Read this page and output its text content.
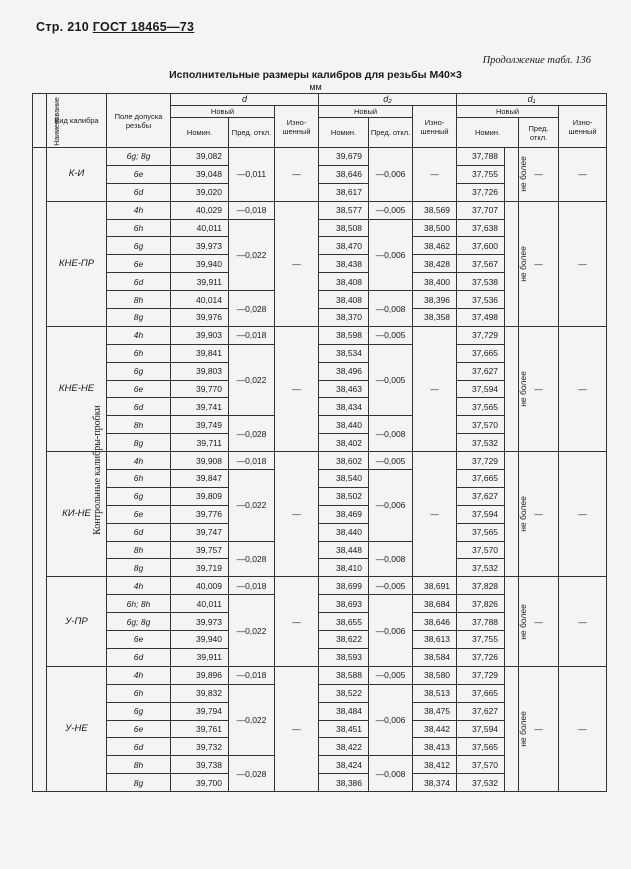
Стр. 210 ГОСТ 18465—73
Продолжение табл. 136
Исполнительные размеры калибров для резьбы М40×3
мм
Наименование	Вид калибра	Поле допуска резьбы	d			d₂			d₁			
			Новый		Изно-шенный	Новый		Изно-шенный	Новый			Изно-шенный
			Номин.	Пред. откл.		Номин.	Пред. откл.		Номин.		Пред. откл.	
Контрольные калибры-пробки	К-И	6g; 8g	39,082	—0,011	—	39,679	—0,006	—	37,788	не более	—	—
		6e	39,048			38,646			37,755			
		6d	39,020			38,617			37,726			
	КНЕ-ПР	4h	40,029	—0,018	—	38,577	—0,005	38,569	37,707	не более	—	—
		6h	40,011	—0,022		38,508	—0,006	38,500	37,638			
		6g	39,973			38,470		38,462	37,600			
		6e	39,940			38,438		38,428	37,567			
		6d	39,911			38,408		38,400	37,538			
		8h	40,014	—0,028		38,408	—0,008	38,396	37,536			
		8g	39,976			38,370		38,358	37,498			
	КНЕ-НЕ	4h	39,903	—0,018	—	38,598	—0,005	—	37,729	не более	—	—
		6h	39,841	—0,022		38,534	—0,005		37,665			
		6g	39,803			38,496			37,627			
		6e	39,770			38,463			37,594			
		6d	39,741			38,434			37,565			
		8h	39,749	—0,028		38,440	—0,008		37,570			
		8g	39,711			38,402			37,532			
	КИ-НЕ	4h	39,908	—0,018	—	38,602	—0,005	—	37,729	не более	—	—
		6h	39,847	—0,022		38,540	—0,006		37,665			
		6g	39,809			38,502			37,627			
		6e	39,776			38,469			37,594			
		6d	39,747			38,440			37,565			
		8h	39,757	—0,028		38,448	—0,008		37,570			
		8g	39,719			38,410			37,532			
	У-ПР	4h	40,009	—0,018	—	38,699	—0,005	38,691	37,828	не более	—	—
		6h; 8h	40,011	—0,022		38,693	—0,006	38,684	37,826			
		6g; 8g	39,973			38,655		38,646	37,788			
		6e	39,940			38,622		38,613	37,755			
		6d	39,911			38,593		38,584	37,726			
	У-НЕ	4h	39,896	—0,018	—	38,588	—0,005	38,580	37,729	не более	—	—
		6h	39,832	—0,022		38,522	—0,006	38,513	37,665			
		6g	39,794			38,484		38,475	37,627			
		6e	39,761			38,451		38,442	37,594			
		6d	39,732			38,422		38,413	37,565			
		8h	39,738	—0,028		38,424	—0,008	38,412	37,570			
		8g	39,700			38,386		38,374	37,532			
